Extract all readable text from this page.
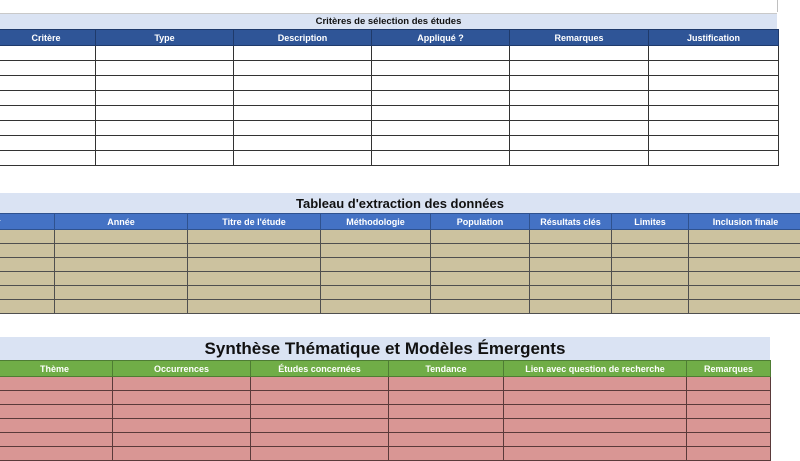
Critères de sélection des études
Critère	Type	Description	Appliqué ?	Remarques	Justification

Tableau d'extraction des données
	Année	Titre de l'étude	Méthodologie	Population	Résultats clés	Limites	Inclusion finale

Synthèse Thématique et Modèles Émergents
Thème	Occurrences	Études concernées	Tendance	Lien avec question de recherche	Remarques
